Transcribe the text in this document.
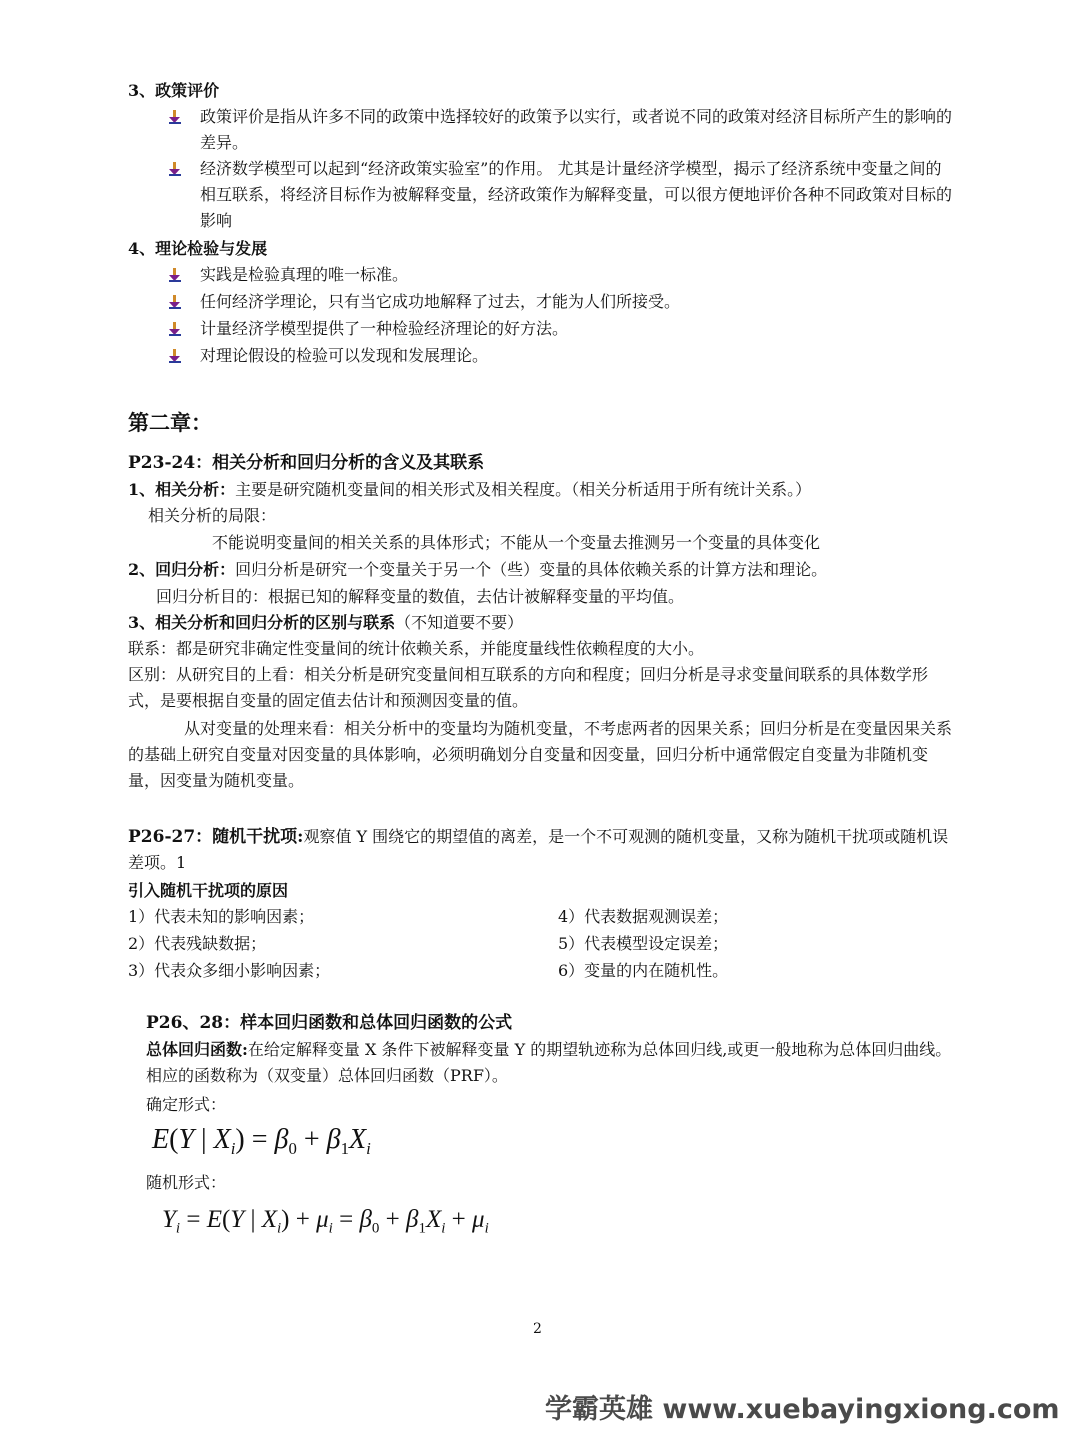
3、政策评价
政策评价是指从许多不同的政策中选择较好的政策予以实行，或者说不同的政策对经济目标所产生的影响的差异。
经济数学模型可以起到“经济政策实验室”的作用。 尤其是计量经济学模型，揭示了经济系统中变量之间的相互联系，将经济目标作为被解释变量，经济政策作为解释变量，可以很方便地评价各种不同政策对目标的影响
4、理论检验与发展
实践是检验真理的唯一标准。
任何经济学理论，只有当它成功地解释了过去，才能为人们所接受。
计量经济学模型提供了一种检验经济理论的好方法。
对理论假设的检验可以发现和发展理论。
第二章：
P23-24：相关分析和回归分析的含义及其联系
1、相关分析：主要是研究随机变量间的相关形式及相关程度。（相关分析适用于所有统计关系。）
相关分析的局限：
不能说明变量间的相关关系的具体形式；不能从一个变量去推测另一个变量的具体变化
2、回归分析：回归分析是研究一个变量关于另一个（些）变量的具体依赖关系的计算方法和理论。
回归分析目的：根据已知的解释变量的数值，去估计被解释变量的平均值。
3、相关分析和回归分析的区别与联系（不知道要不要）
联系：都是研究非确定性变量间的统计依赖关系，并能度量线性依赖程度的大小。
区别：从研究目的上看：相关分析是研究变量间相互联系的方向和程度；回归分析是寻求变量间联系的具体数学形式，是要根据自变量的固定值去估计和预测因变量的值。
从对变量的处理来看：相关分析中的变量均为随机变量，不考虑两者的因果关系；回归分析是在变量因果关系的基础上研究自变量对因变量的具体影响，必须明确划分自变量和因变量，回归分析中通常假定自变量为非随机变量，因变量为随机变量。
P26-27：随机干扰项:观察值 Y 围绕它的期望值的离差，是一个不可观测的随机变量，又称为随机干扰项或随机误差项。1
引入随机干扰项的原因
1）代表未知的影响因素；
2）代表残缺数据；
3）代表众多细小影响因素；
4）代表数据观测误差；
5）代表模型设定误差；
6）变量的内在随机性。
P26、28：样本回归函数和总体回归函数的公式
总体回归函数:在给定解释变量 X 条件下被解释变量 Y 的期望轨迹称为总体回归线,或更一般地称为总体回归曲线。相应的函数称为（双变量）总体回归函数（PRF）。
确定形式：
E(Y | $X_i) = \beta_0 + \beta_1X_i$
随机形式：
$Y_i = E(Y$ | $X_i) + \mu_i = \beta_0 + \beta_1X_i + \mu_i$
2
学霸英雄 www.xuebayingxiong.com
